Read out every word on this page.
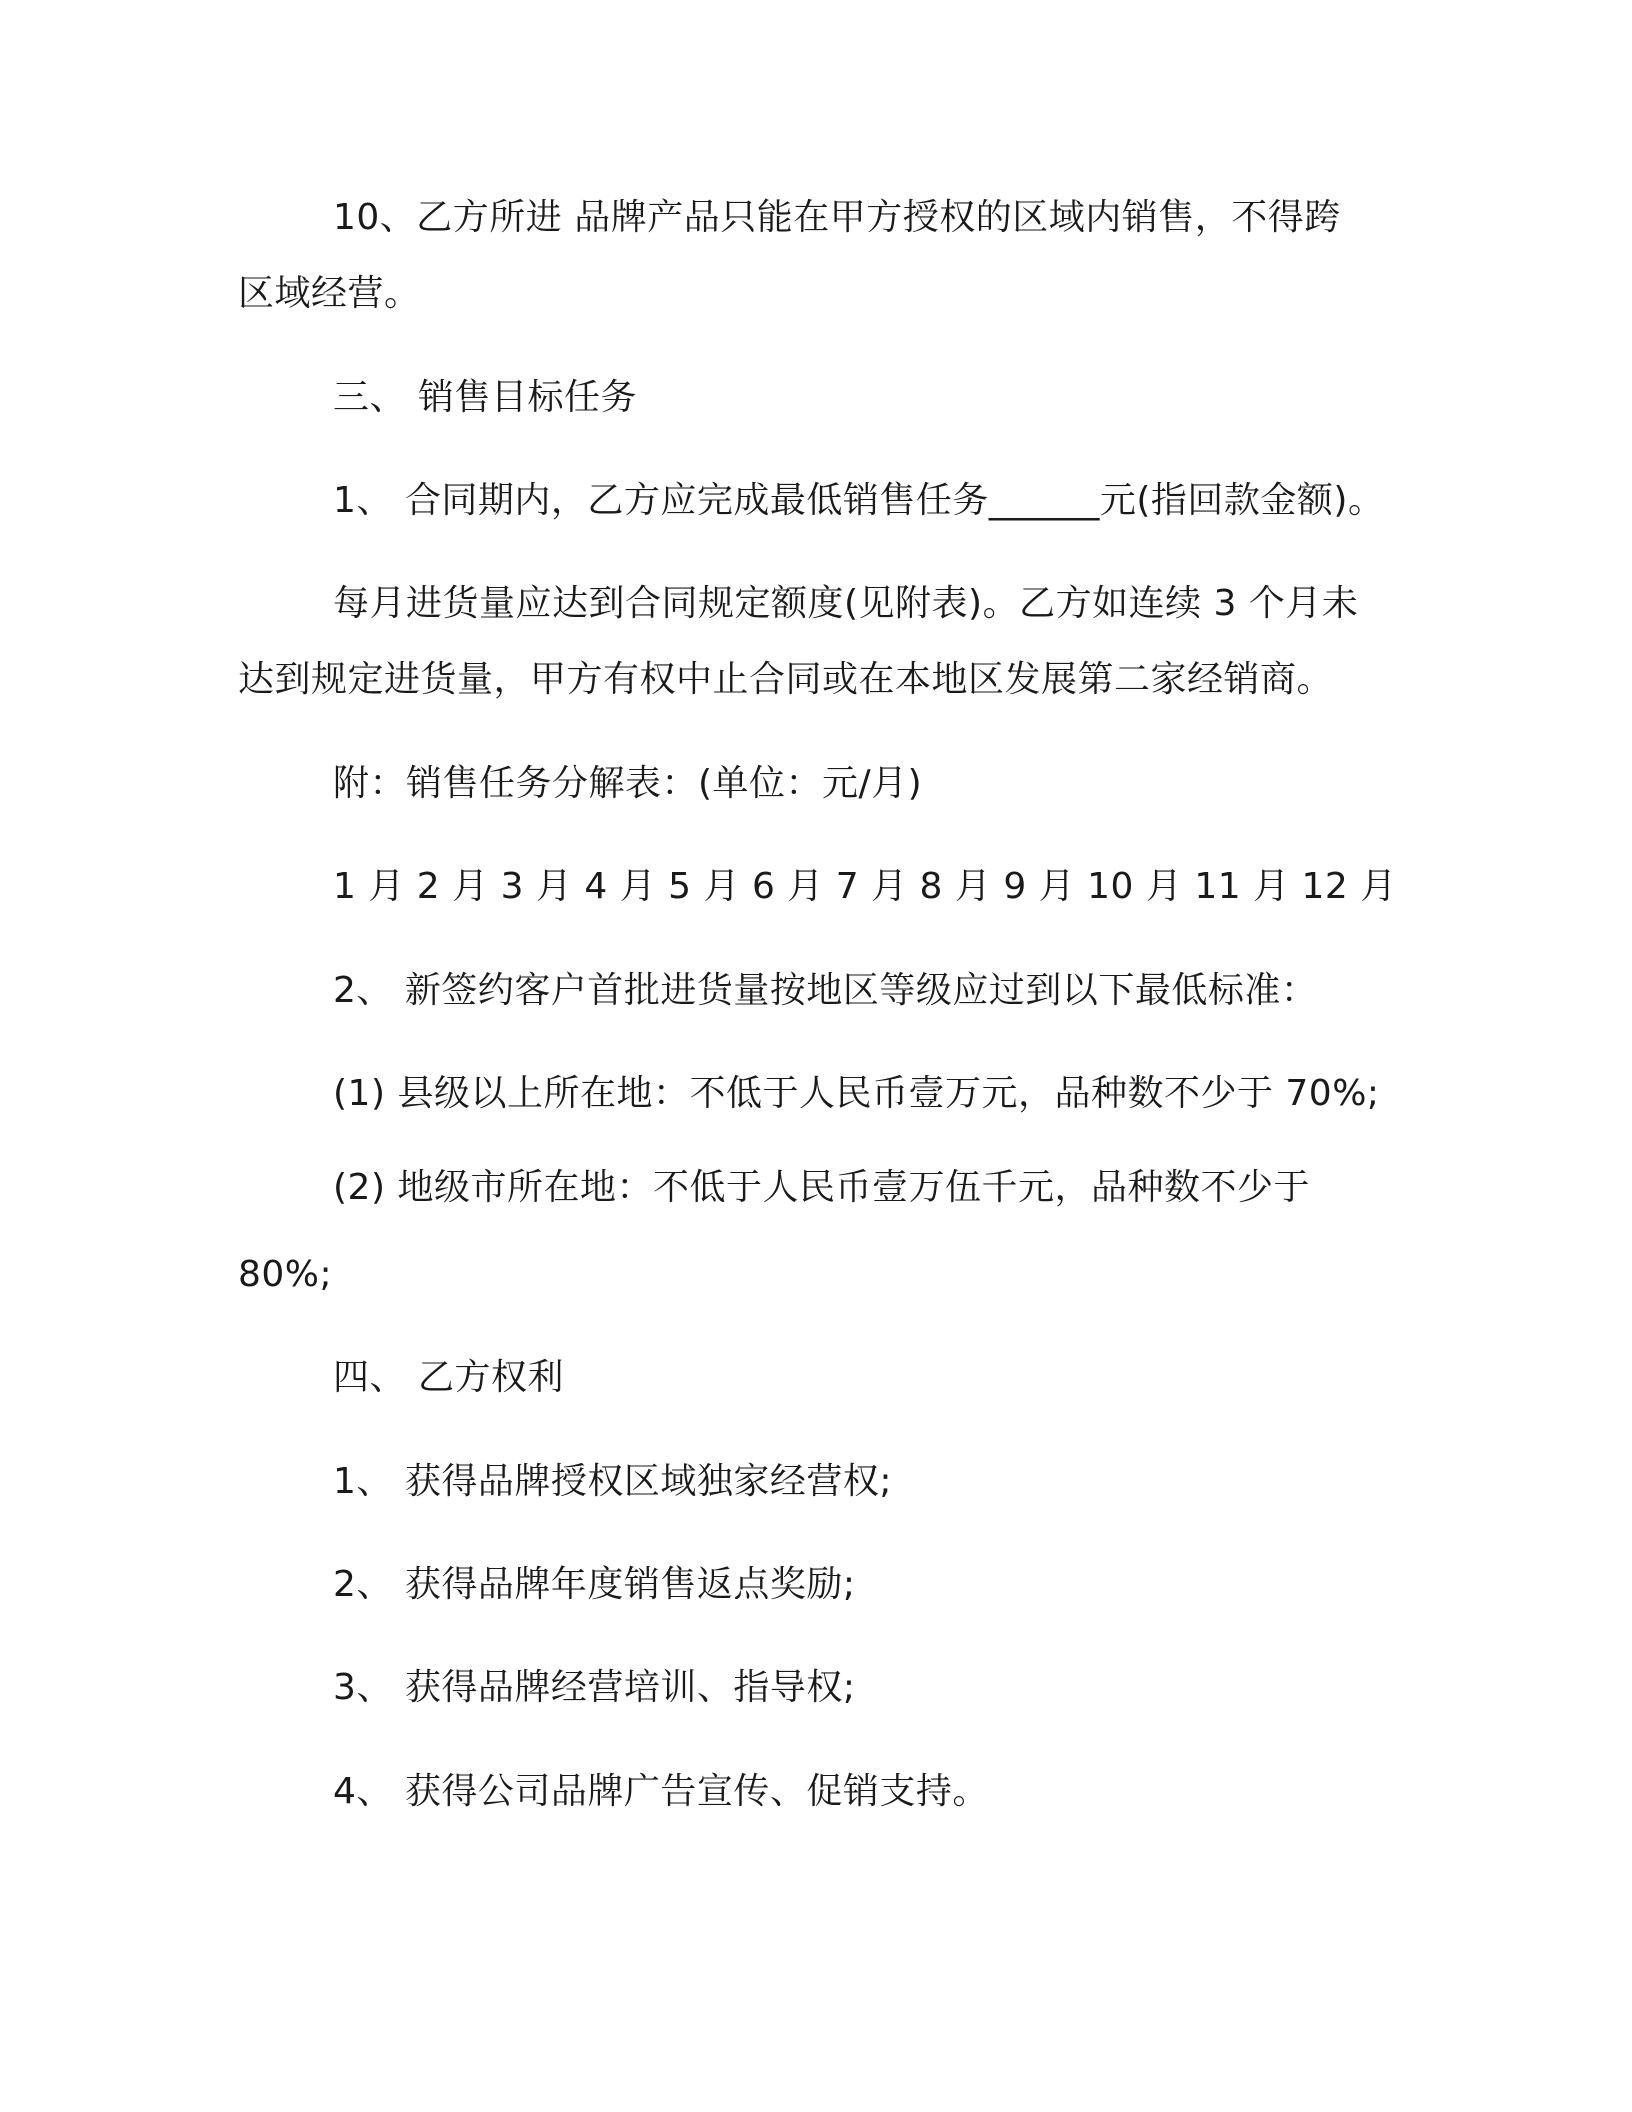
10、乙方所进 品牌产品只能在甲方授权的区域内销售，不得跨
区域经营。
三、 销售目标任务
1、 合同期内，乙方应完成最低销售任务______元(指回款金额)。
每月进货量应达到合同规定额度(见附表)。乙方如连续 3 个月未
达到规定进货量，甲方有权中止合同或在本地区发展第二家经销商。
附：销售任务分解表：(单位：元/月)
1 月 2 月 3 月 4 月 5 月 6 月 7 月 8 月 9 月 10 月 11 月 12 月
2、 新签约客户首批进货量按地区等级应过到以下最低标准：
(1) 县级以上所在地：不低于人民币壹万元，品种数不少于 70%;
(2) 地级市所在地：不低于人民币壹万伍千元，品种数不少于
80%;
四、 乙方权利
1、 获得品牌授权区域独家经营权;
2、 获得品牌年度销售返点奖励;
3、 获得品牌经营培训、指导权;
4、 获得公司品牌广告宣传、促销支持。
